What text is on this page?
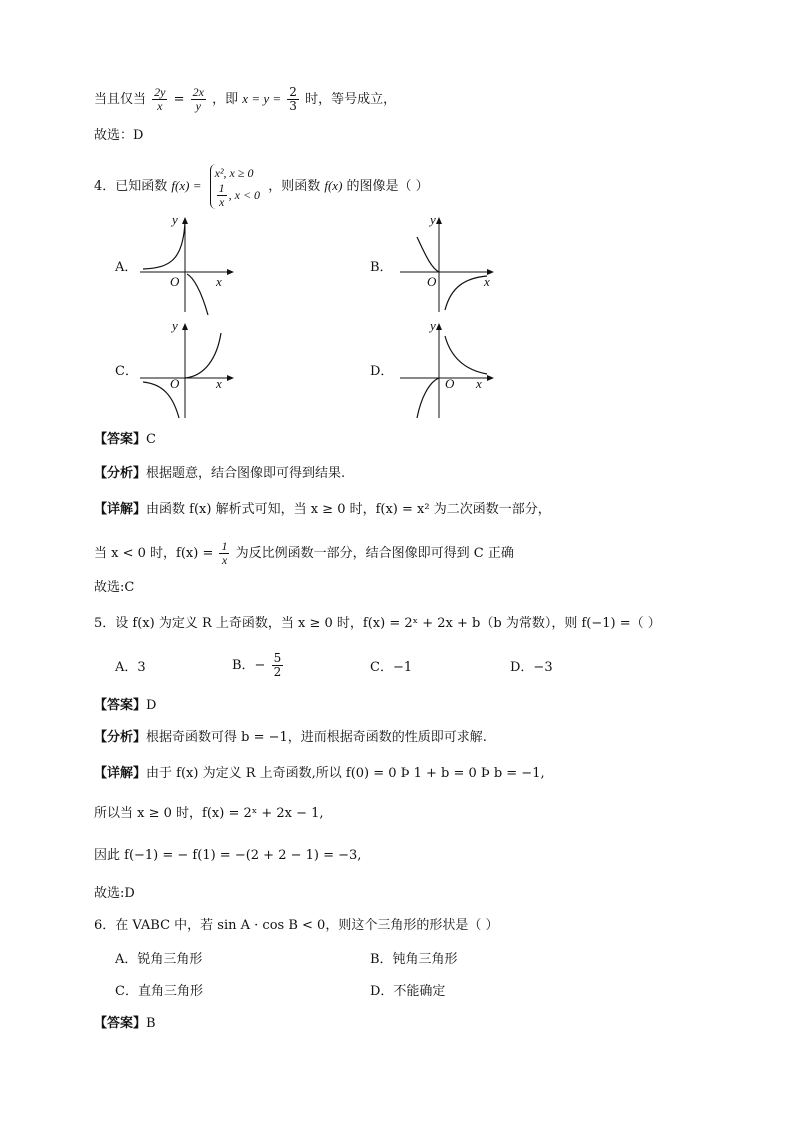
当且仅当 $\frac{2y}{x} = \frac{2x}{y}$ ，即 $x = y = \frac{2}{3}$ 时，等号成立，
故选：D
4．已知函数 f(x) =
x², x ≥ 0
$\frac{1}{x}$ , x < 0
，则函数 f(x) 的图像是（ ）
A．
y
x
O
B．
y
x
O
C．
y
x
O
D．
y
x
O
【答案】C
【分析】根据题意，结合图像即可得到结果.
【详解】由函数 f(x) 解析式可知，当 x ≥ 0 时，f(x) = x² 为二次函数一部分，
当 x < 0 时，$f(x) = \frac{1}{x}$ 为反比例函数一部分，结合图像即可得到 C 正确
故选:C
5．设 f(x) 为定义 R 上奇函数，当 x ≥ 0 时，f(x) = 2ˣ + 2x + b（b 为常数），则 f(−1) =（ ）
A．3	B．− $\frac{5}{2}$	C．−1	D．−3
【答案】D
【分析】根据奇函数可得 b = −1，进而根据奇函数的性质即可求解.
【详解】由于 f(x) 为定义 R 上奇函数,所以 f(0) = 0 Þ 1 + b = 0 Þ b = −1,
所以当 x ≥ 0 时，f(x) = 2ˣ + 2x − 1,
因此 f(−1) = − f(1) = −(2 + 2 − 1) = −3,
故选:D
6．在 VABC 中，若 sin A · cos B < 0，则这个三角形的形状是（ ）
A．锐角三角形	B．钝角三角形
C．直角三角形	D．不能确定
【答案】B
